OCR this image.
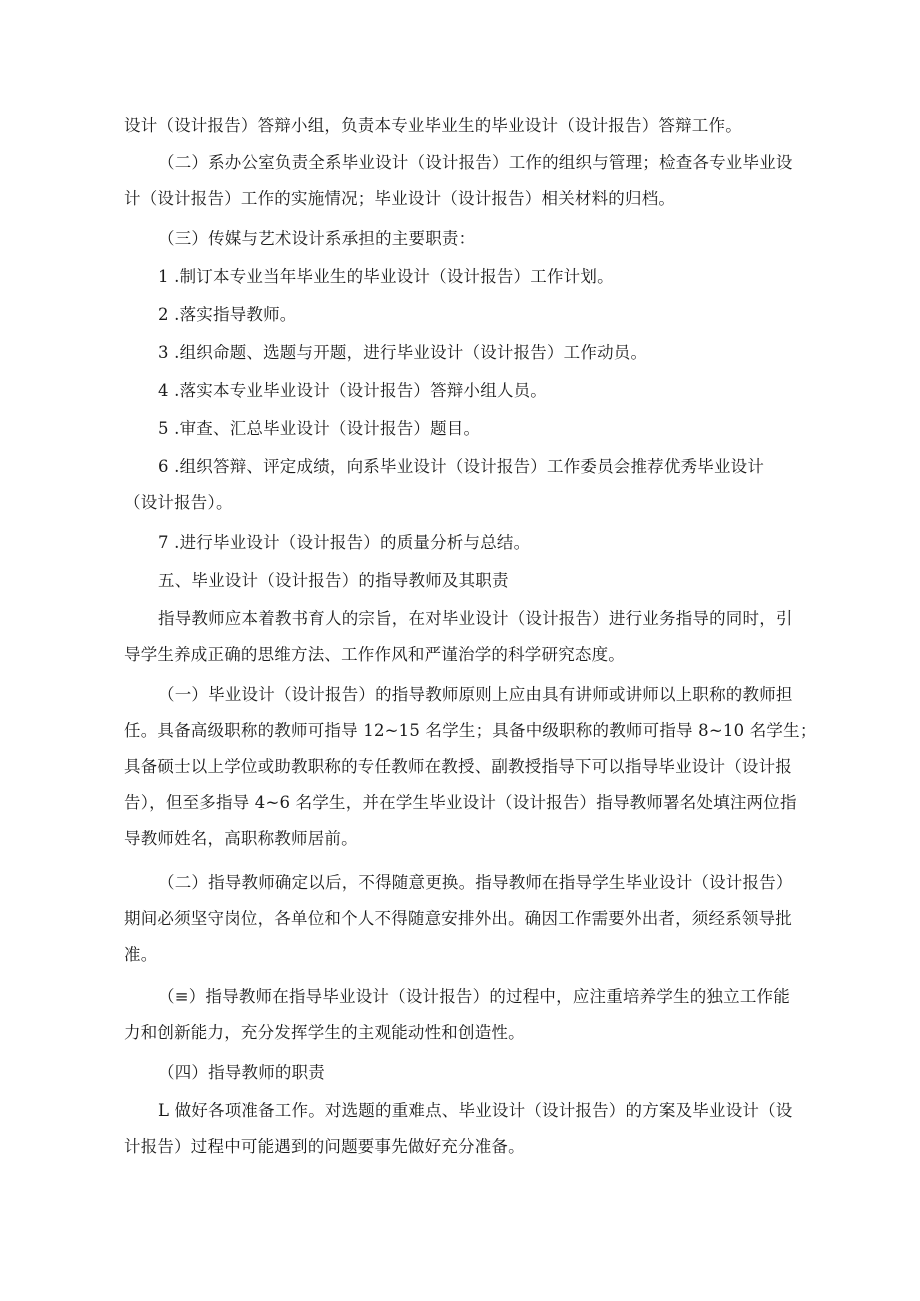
设计（设计报告）答辩小组，负责本专业毕业生的毕业设计（设计报告）答辩工作。
（二）系办公室负责全系毕业设计（设计报告）工作的组织与管理；检查各专业毕业设
计（设计报告）工作的实施情况；毕业设计（设计报告）相关材料的归档。
（三）传媒与艺术设计系承担的主要职责：
1 .制订本专业当年毕业生的毕业设计（设计报告）工作计划。
2 .落实指导教师。
3 .组织命题、选题与开题，进行毕业设计（设计报告）工作动员。
4 .落实本专业毕业设计（设计报告）答辩小组人员。
5 .审查、汇总毕业设计（设计报告）题目。
6 .组织答辩、评定成绩，向系毕业设计（设计报告）工作委员会推荐优秀毕业设计
（设计报告）。
7 .进行毕业设计（设计报告）的质量分析与总结。
五、毕业设计（设计报告）的指导教师及其职责
指导教师应本着教书育人的宗旨，在对毕业设计（设计报告）进行业务指导的同时，引
导学生养成正确的思维方法、工作作风和严谨治学的科学研究态度。
（一）毕业设计（设计报告）的指导教师原则上应由具有讲师或讲师以上职称的教师担
任。具备高级职称的教师可指导 12~15 名学生；具备中级职称的教师可指导 8~10 名学生；
具备硕士以上学位或助教职称的专任教师在教授、副教授指导下可以指导毕业设计（设计报
告），但至多指导 4~6 名学生，并在学生毕业设计（设计报告）指导教师署名处填注两位指
导教师姓名，高职称教师居前。
（二）指导教师确定以后，不得随意更换。指导教师在指导学生毕业设计（设计报告）
期间必须坚守岗位，各单位和个人不得随意安排外出。确因工作需要外出者，须经系领导批
准。
（≡）指导教师在指导毕业设计（设计报告）的过程中，应注重培养学生的独立工作能
力和创新能力，充分发挥学生的主观能动性和创造性。
（四）指导教师的职责
L 做好各项准备工作。对选题的重难点、毕业设计（设计报告）的方案及毕业设计（设
计报告）过程中可能遇到的问题要事先做好充分准备。
